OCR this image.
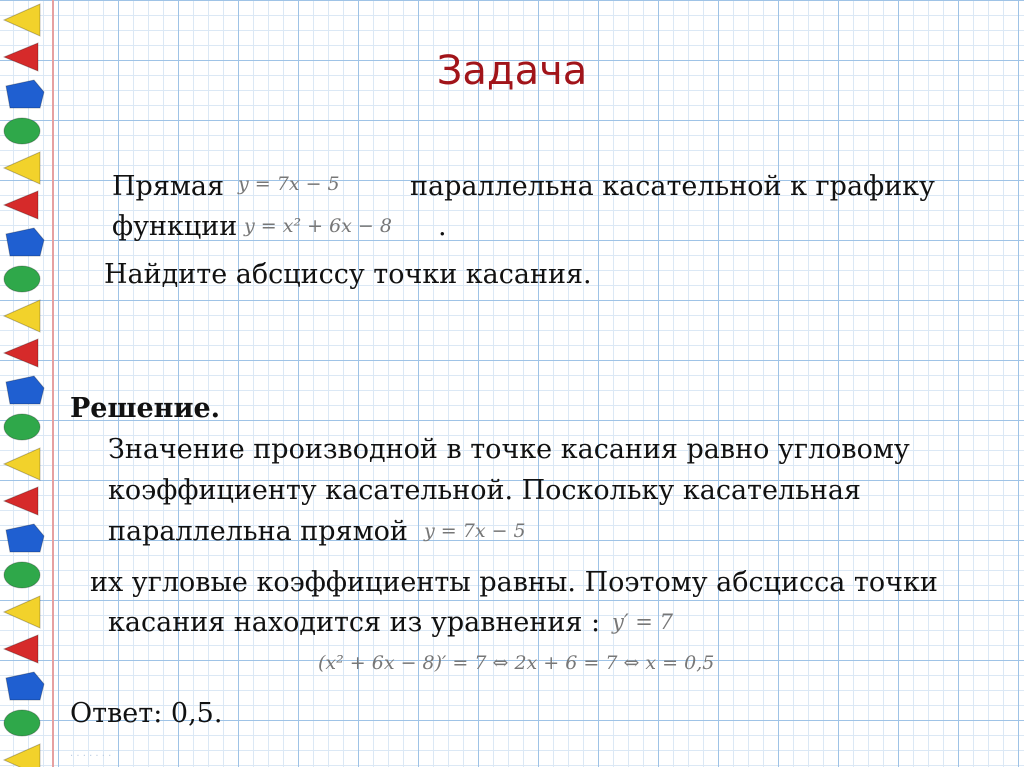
Задача
Прямая y = 7x − 5	параллельна касательной к графику
функции y = x² + 6x − 8 .
Найдите абсциссу точки касания.
Решение.
Значение производной в точке касания равно угловому
коэффициенту касательной. Поскольку касательная
параллельна прямой y = 7x − 5
их угловые коэффициенты равны. Поэтому абсцисса точки
касания находится из уравнения : y′ = 7
(x² + 6x − 8)′ = 7 ⇔ 2x + 6 = 7 ⇔ x = 0,5
Ответ: 0,5.
· · · · · · ·
